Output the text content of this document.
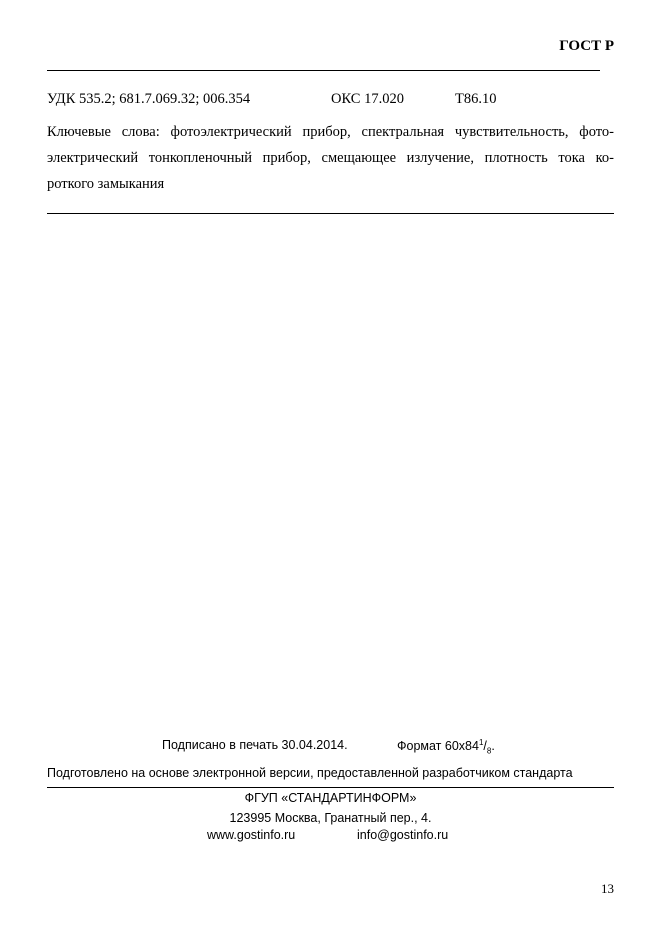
ГОСТ Р
УДК 535.2; 681.7.069.32; 006.354	ОКС 17.020	Т86.10
Ключевые слова: фотоэлектрический прибор, спектральная чувствительность, фото-
электрический тонкопленочный прибор, смещающее излучение, плотность тока ко-
роткого замыкания
Подписано в печать 30.04.2014.	Формат $60x84^1/_8$.
Подготовлено на основе электронной версии, предоставленной разработчиком стандарта
ФГУП «СТАНДАРТИНФОРМ»
123995 Москва, Гранатный пер., 4.
www.gostinfo.ru	info@gostinfo.ru
13
